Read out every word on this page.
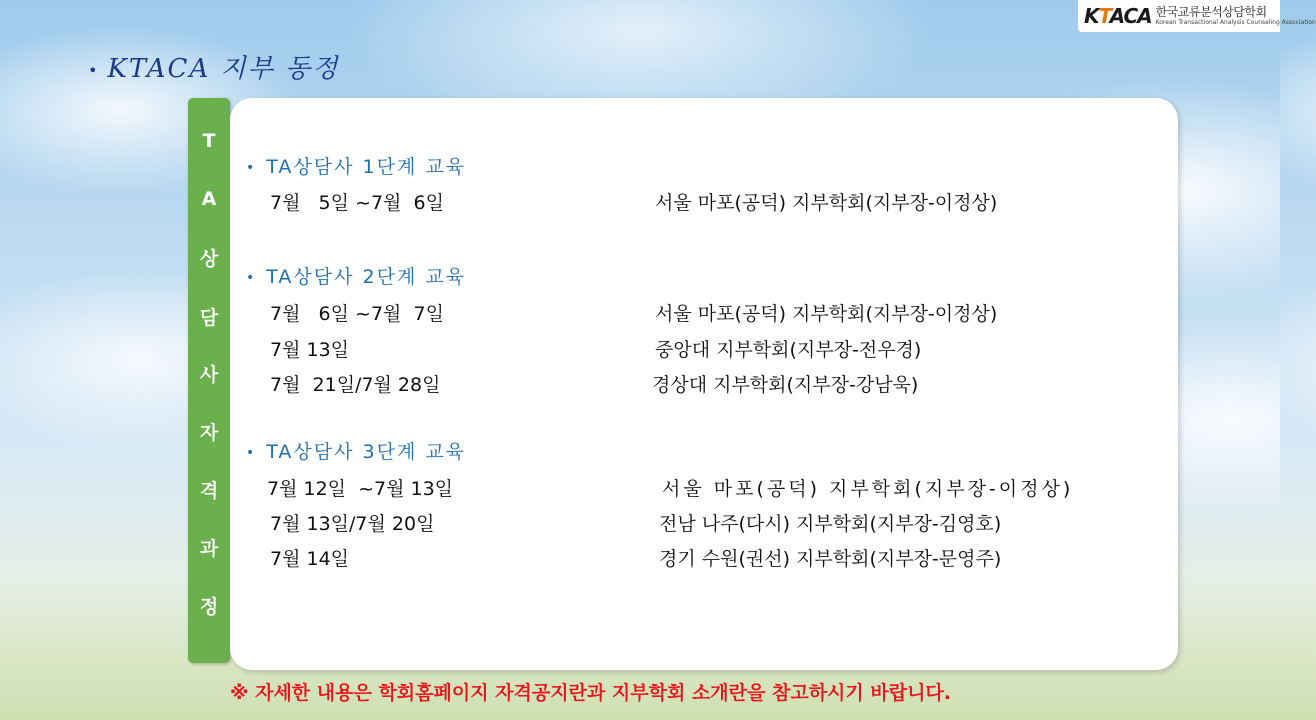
KTACA 한국교류분석상담학회
Korean Transactional Analysis Counseling Association
• KTACA 지부 동정
T
A
상
담
사
자
격
과
정
• TA상담사 1단계 교육
7월   5일 ~7월  6일	서울 마포(공덕) 지부학회(지부장-이정상)
• TA상담사 2단계 교육
7월   6일 ~7월  7일	서울 마포(공덕) 지부학회(지부장-이정상)
7월 13일	중앙대 지부학회(지부장-전우경)
7월  21일/7월 28일	경상대 지부학회(지부장-강남욱)
• TA상담사 3단계 교육
7월 12일  ~7월 13일	서울 마포(공덕) 지부학회(지부장-이정상)
7월 13일/7월 20일	전남 나주(다시) 지부학회(지부장-김영호)
7월 14일	경기 수원(권선) 지부학회(지부장-문영주)
※ 자세한 내용은 학회홈페이지 자격공지란과 지부학회 소개란을 참고하시기 바랍니다.
